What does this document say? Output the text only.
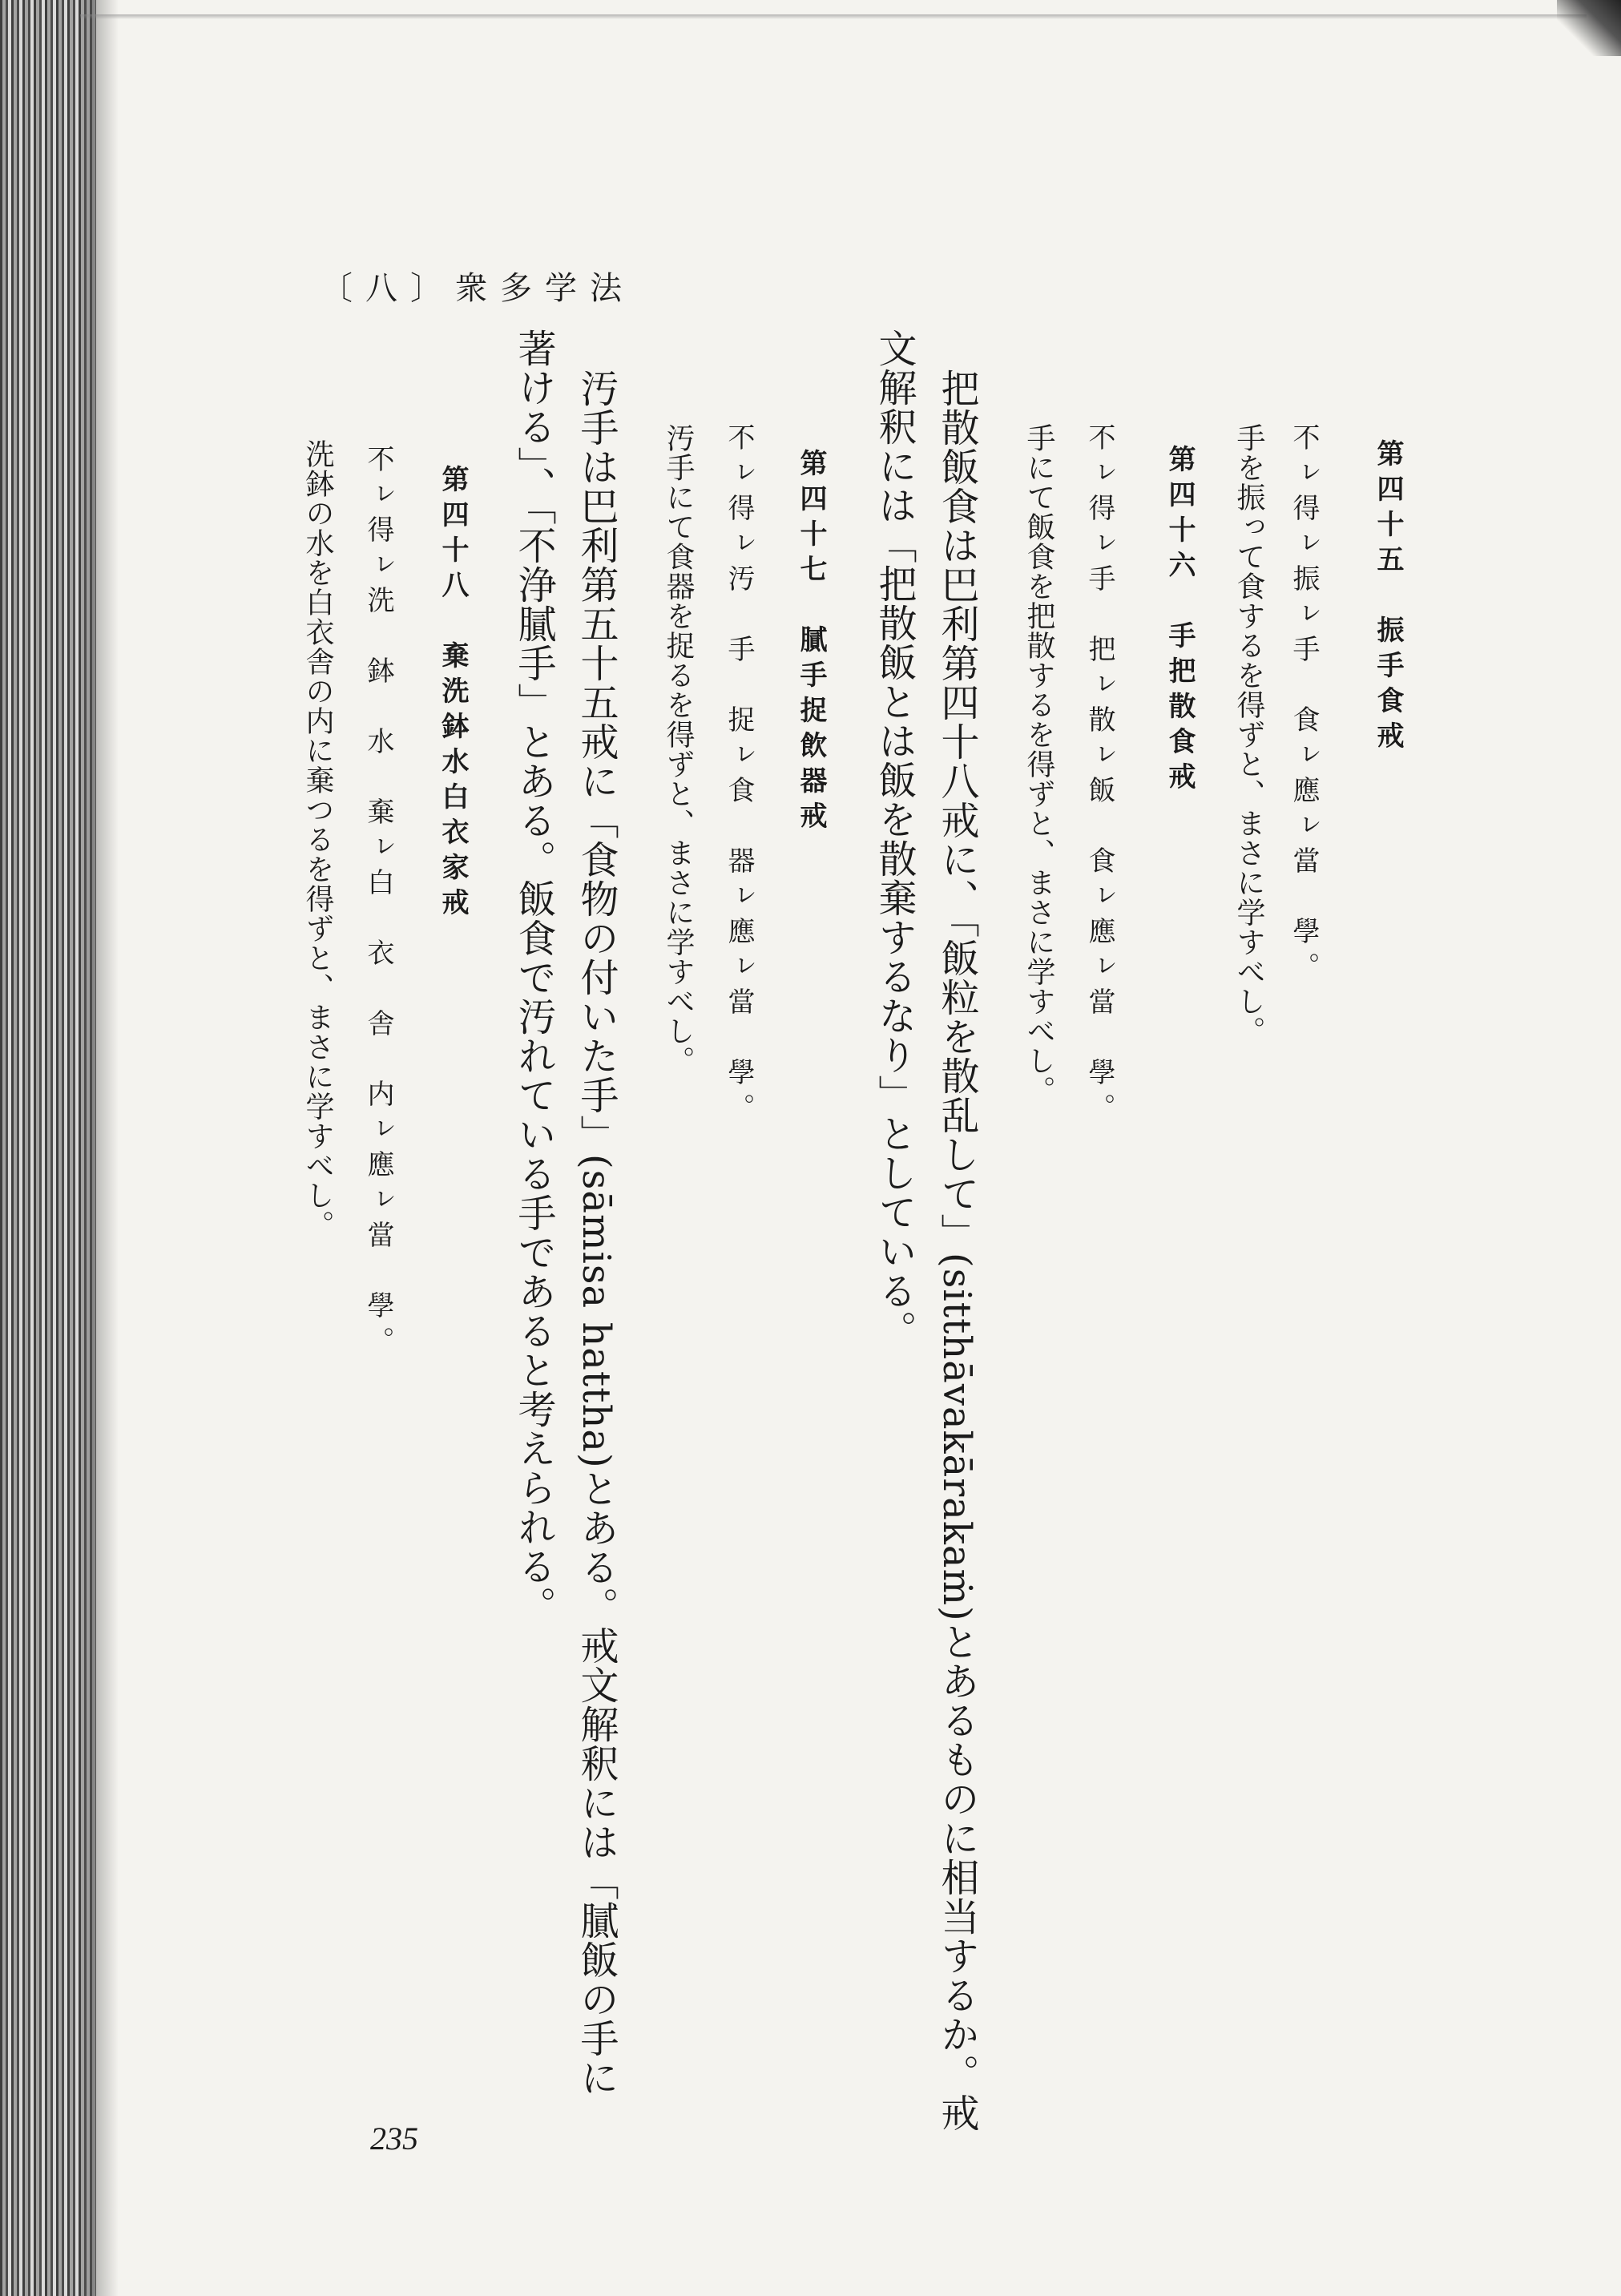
〔八〕衆多学法
第四十五　振手食戒
不ㇾ得ㇾ振ㇾ手　食ㇾ應ㇾ當　學。
手を振って食するを得ずと、まさに学すべし。
第四十六　手把散食戒
不ㇾ得ㇾ手　把ㇾ散ㇾ飯　食ㇾ應ㇾ當　學。
手にて飯食を把散するを得ずと、まさに学すべし。
把散飯食は巴利第四十八戒に、「飯粒を散乱して」(sitthāvakārakaṁ)とあるものに相当するか。戒
文解釈には「把散飯とは飯を散棄するなり」としている。
第四十七　膩手捉飲器戒
不ㇾ得ㇾ汚　手　捉ㇾ食　器ㇾ應ㇾ當　學。
汚手にて食器を捉るを得ずと、まさに学すべし。
汚手は巴利第五十五戒に「食物の付いた手」(sāmisa hattha)とある。戒文解釈には「膩飯の手に
著ける」、「不浄膩手」とある。飯食で汚れている手であると考えられる。
第四十八　棄洗鉢水白衣家戒
不ㇾ得ㇾ洗　鉢　水　棄ㇾ白　衣　舎　内ㇾ應ㇾ當　學。
洗鉢の水を白衣舎の内に棄つるを得ずと、まさに学すべし。
235
